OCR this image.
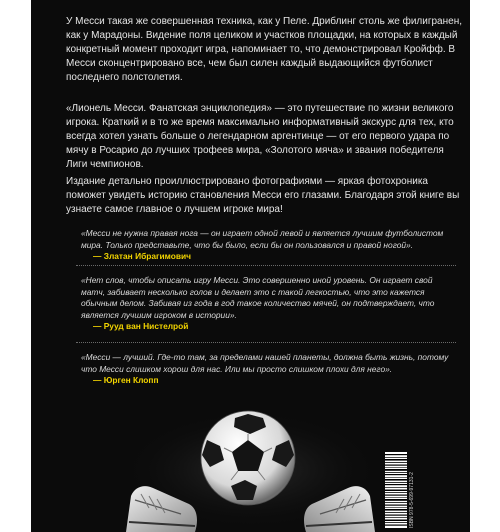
У Месси такая же совершенная техника, как у Пеле. Дриблинг столь же филигранен, как у Марадоны. Видение поля целиком и участков площадки, на которых в каждый конкретный момент проходит игра, напоминает то, что демонстрировал Кройфф. В Месси сконцентрировано все, чем был силен каждый выдающийся футболист последнего полстолетия.
«Лионель Месси. Фанатская энциклопедия» — это путешествие по жизни великого игрока. Краткий и в то же время максимально информативный экскурс для тех, кто всегда хотел узнать больше о легендарном аргентинце — от его первого удара по мячу в Росарио до лучших трофеев мира, «Золотого мяча» и звания победителя Лиги чемпионов.
Издание детально проиллюстрировано фотографиями — яркая фотохроника поможет увидеть историю становления Месси его глазами. Благодаря этой книге вы узнаете самое главное о лучшем игроке мира!
«Месси не нужна правая нога — он играет одной левой и является лучшим футболистом мира. Только представьте, что бы было, если бы он пользовался и правой ногой».
— Златан Ибрагимович
«Нет слов, чтобы описать игру Месси. Это совершенно иной уровень. Он играет свой матч, забивает несколько голов и делает это с такой легкостью, что это кажется обычным делом. Забивая из года в год такое количество мячей, он подтверждает, что является лучшим игроком в истории».
— Рууд ван Нистелрой
«Месси — лучший. Где-то там, за пределами нашей планеты, должна быть жизнь, потому что Месси слишком хорош для нас. Или мы просто слишком плохи для него».
— Юрген Клопп
ISBN 978-5-699-97131-2
